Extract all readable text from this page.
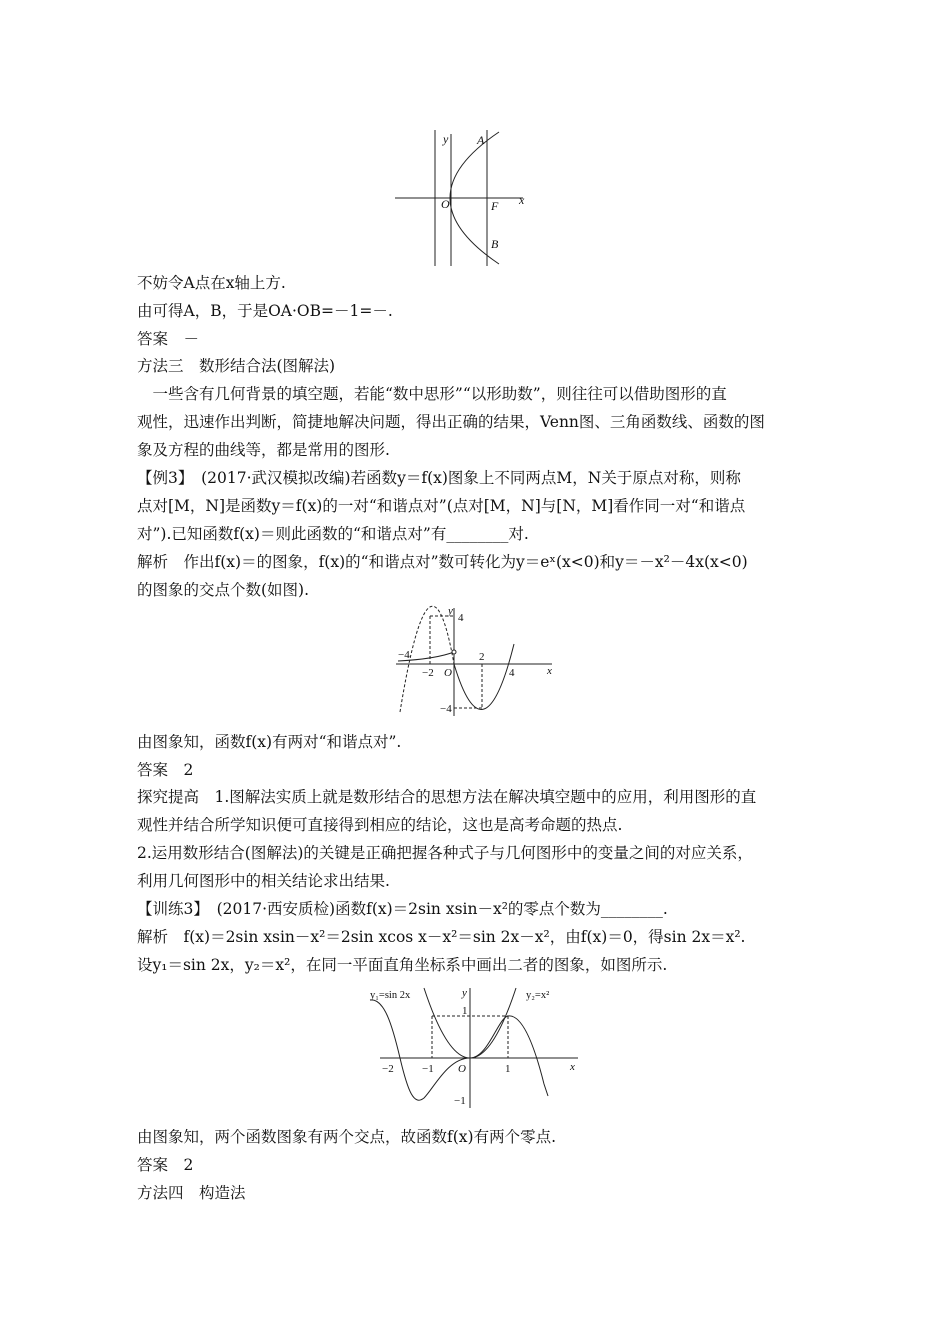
y A
O	F x
B
不妨令A点在x轴上方.
由可得A，B，于是OA·OB=－1=－.
答案　－
方法三　数形结合法(图解法)
　一些含有几何背景的填空题，若能“数中思形”“以形助数”，则往往可以借助图形的直
观性，迅速作出判断，简捷地解决问题，得出正确的结果，Venn图、三角函数线、函数的图
象及方程的曲线等，都是常用的图形.
【例3】　(2017·武汉模拟改编)若函数y＝f(x)图象上不同两点M，N关于原点对称，则称
点对[M，N]是函数y＝f(x)的一对“和谐点对”(点对[M，N]与[N，M]看作同一对“和谐点
对”).已知函数f(x)＝则此函数的“和谐点对”有________对.
解析　作出f(x)＝的图象，f(x)的“和谐点对”数可转化为y＝eˣ(x<0)和y＝－x²－4x(x<0)
的图象的交点个数(如图).
y
4
−4
−2 O
2
4	x
−4
由图象知，函数f(x)有两对“和谐点对”.
答案　2
探究提高　1.图解法实质上就是数形结合的思想方法在解决填空题中的应用，利用图形的直
观性并结合所学知识便可直接得到相应的结论，这也是高考命题的热点.
2.运用数形结合(图解法)的关键是正确把握各种式子与几何图形中的变量之间的对应关系，
利用几何图形中的相关结论求出结果.
【训练3】　(2017·西安质检)函数f(x)＝2sin xsin－x²的零点个数为________.
解析　f(x)＝2sin xsin－x²＝2sin xcos x－x²＝sin 2x－x²，由f(x)＝0，得sin 2x＝x².
设y₁＝sin 2x，y₂＝x²，在同一平面直角坐标系中画出二者的图象，如图所示.
y
y₁=sin 2x	y₂=x²
1
−2	−1 O	1	x
−1
由图象知，两个函数图象有两个交点，故函数f(x)有两个零点.
答案　2
方法四　构造法
